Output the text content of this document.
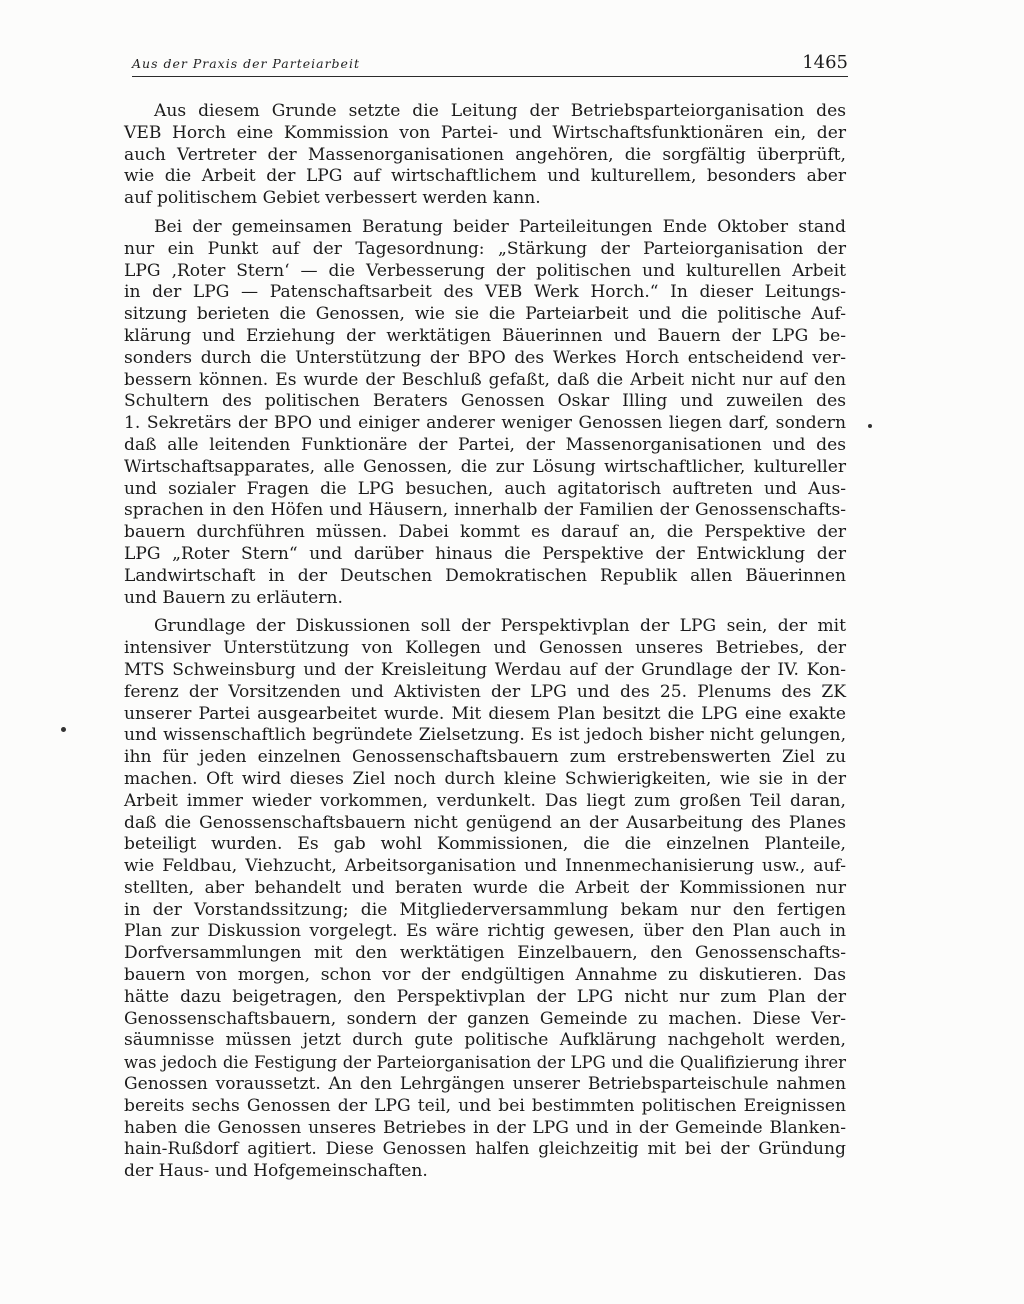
Aus der Praxis der Parteiarbeit	1465
Aus diesem Grunde setzte die Leitung der Betriebsparteiorganisation des
VEB Horch eine Kommission von Partei- und Wirtschaftsfunktionären ein, der
auch Vertreter der Massenorganisationen angehören, die sorgfältig überprüft,
wie die Arbeit der LPG auf wirtschaftlichem und kulturellem, besonders aber
auf politischem Gebiet verbessert werden kann.
Bei der gemeinsamen Beratung beider Parteileitungen Ende Oktober stand
nur ein Punkt auf der Tagesordnung: „Stärkung der Parteiorganisation der
LPG ‚Roter Stern‘ — die Verbesserung der politischen und kulturellen Arbeit
in der LPG — Patenschaftsarbeit des VEB Werk Horch.“ In dieser Leitungs-
sitzung berieten die Genossen, wie sie die Parteiarbeit und die politische Auf-
klärung und Erziehung der werktätigen Bäuerinnen und Bauern der LPG be-
sonders durch die Unterstützung der BPO des Werkes Horch entscheidend ver-
bessern können. Es wurde der Beschluß gefaßt, daß die Arbeit nicht nur auf den
Schultern des politischen Beraters Genossen Oskar Illing und zuweilen des
1. Sekretärs der BPO und einiger anderer weniger Genossen liegen darf, sondern
daß alle leitenden Funktionäre der Partei, der Massenorganisationen und des
Wirtschaftsapparates, alle Genossen, die zur Lösung wirtschaftlicher, kultureller
und sozialer Fragen die LPG besuchen, auch agitatorisch auftreten und Aus-
sprachen in den Höfen und Häusern, innerhalb der Familien der Genossenschafts-
bauern durchführen müssen. Dabei kommt es darauf an, die Perspektive der
LPG „Roter Stern“ und darüber hinaus die Perspektive der Entwicklung der
Landwirtschaft in der Deutschen Demokratischen Republik allen Bäuerinnen
und Bauern zu erläutern.
Grundlage der Diskussionen soll der Perspektivplan der LPG sein, der mit
intensiver Unterstützung von Kollegen und Genossen unseres Betriebes, der
MTS Schweinsburg und der Kreisleitung Werdau auf der Grundlage der IV. Kon-
ferenz der Vorsitzenden und Aktivisten der LPG und des 25. Plenums des ZK
unserer Partei ausgearbeitet wurde. Mit diesem Plan besitzt die LPG eine exakte
und wissenschaftlich begründete Zielsetzung. Es ist jedoch bisher nicht gelungen,
ihn für jeden einzelnen Genossenschaftsbauern zum erstrebenswerten Ziel zu
machen. Oft wird dieses Ziel noch durch kleine Schwierigkeiten, wie sie in der
Arbeit immer wieder vorkommen, verdunkelt. Das liegt zum großen Teil daran,
daß die Genossenschaftsbauern nicht genügend an der Ausarbeitung des Planes
beteiligt wurden. Es gab wohl Kommissionen, die die einzelnen Planteile,
wie Feldbau, Viehzucht, Arbeitsorganisation und Innenmechanisierung usw., auf-
stellten, aber behandelt und beraten wurde die Arbeit der Kommissionen nur
in der Vorstandssitzung; die Mitgliederversammlung bekam nur den fertigen
Plan zur Diskussion vorgelegt. Es wäre richtig gewesen, über den Plan auch in
Dorfversammlungen mit den werktätigen Einzelbauern, den Genossenschafts-
bauern von morgen, schon vor der endgültigen Annahme zu diskutieren. Das
hätte dazu beigetragen, den Perspektivplan der LPG nicht nur zum Plan der
Genossenschaftsbauern, sondern der ganzen Gemeinde zu machen. Diese Ver-
säumnisse müssen jetzt durch gute politische Aufklärung nachgeholt werden,
was jedoch die Festigung der Parteiorganisation der LPG und die Qualifizierung ihrer
Genossen voraussetzt. An den Lehrgängen unserer Betriebsparteischule nahmen
bereits sechs Genossen der LPG teil, und bei bestimmten politischen Ereignissen
haben die Genossen unseres Betriebes in der LPG und in der Gemeinde Blanken-
hain-Rußdorf agitiert. Diese Genossen halfen gleichzeitig mit bei der Gründung
der Haus- und Hofgemeinschaften.
